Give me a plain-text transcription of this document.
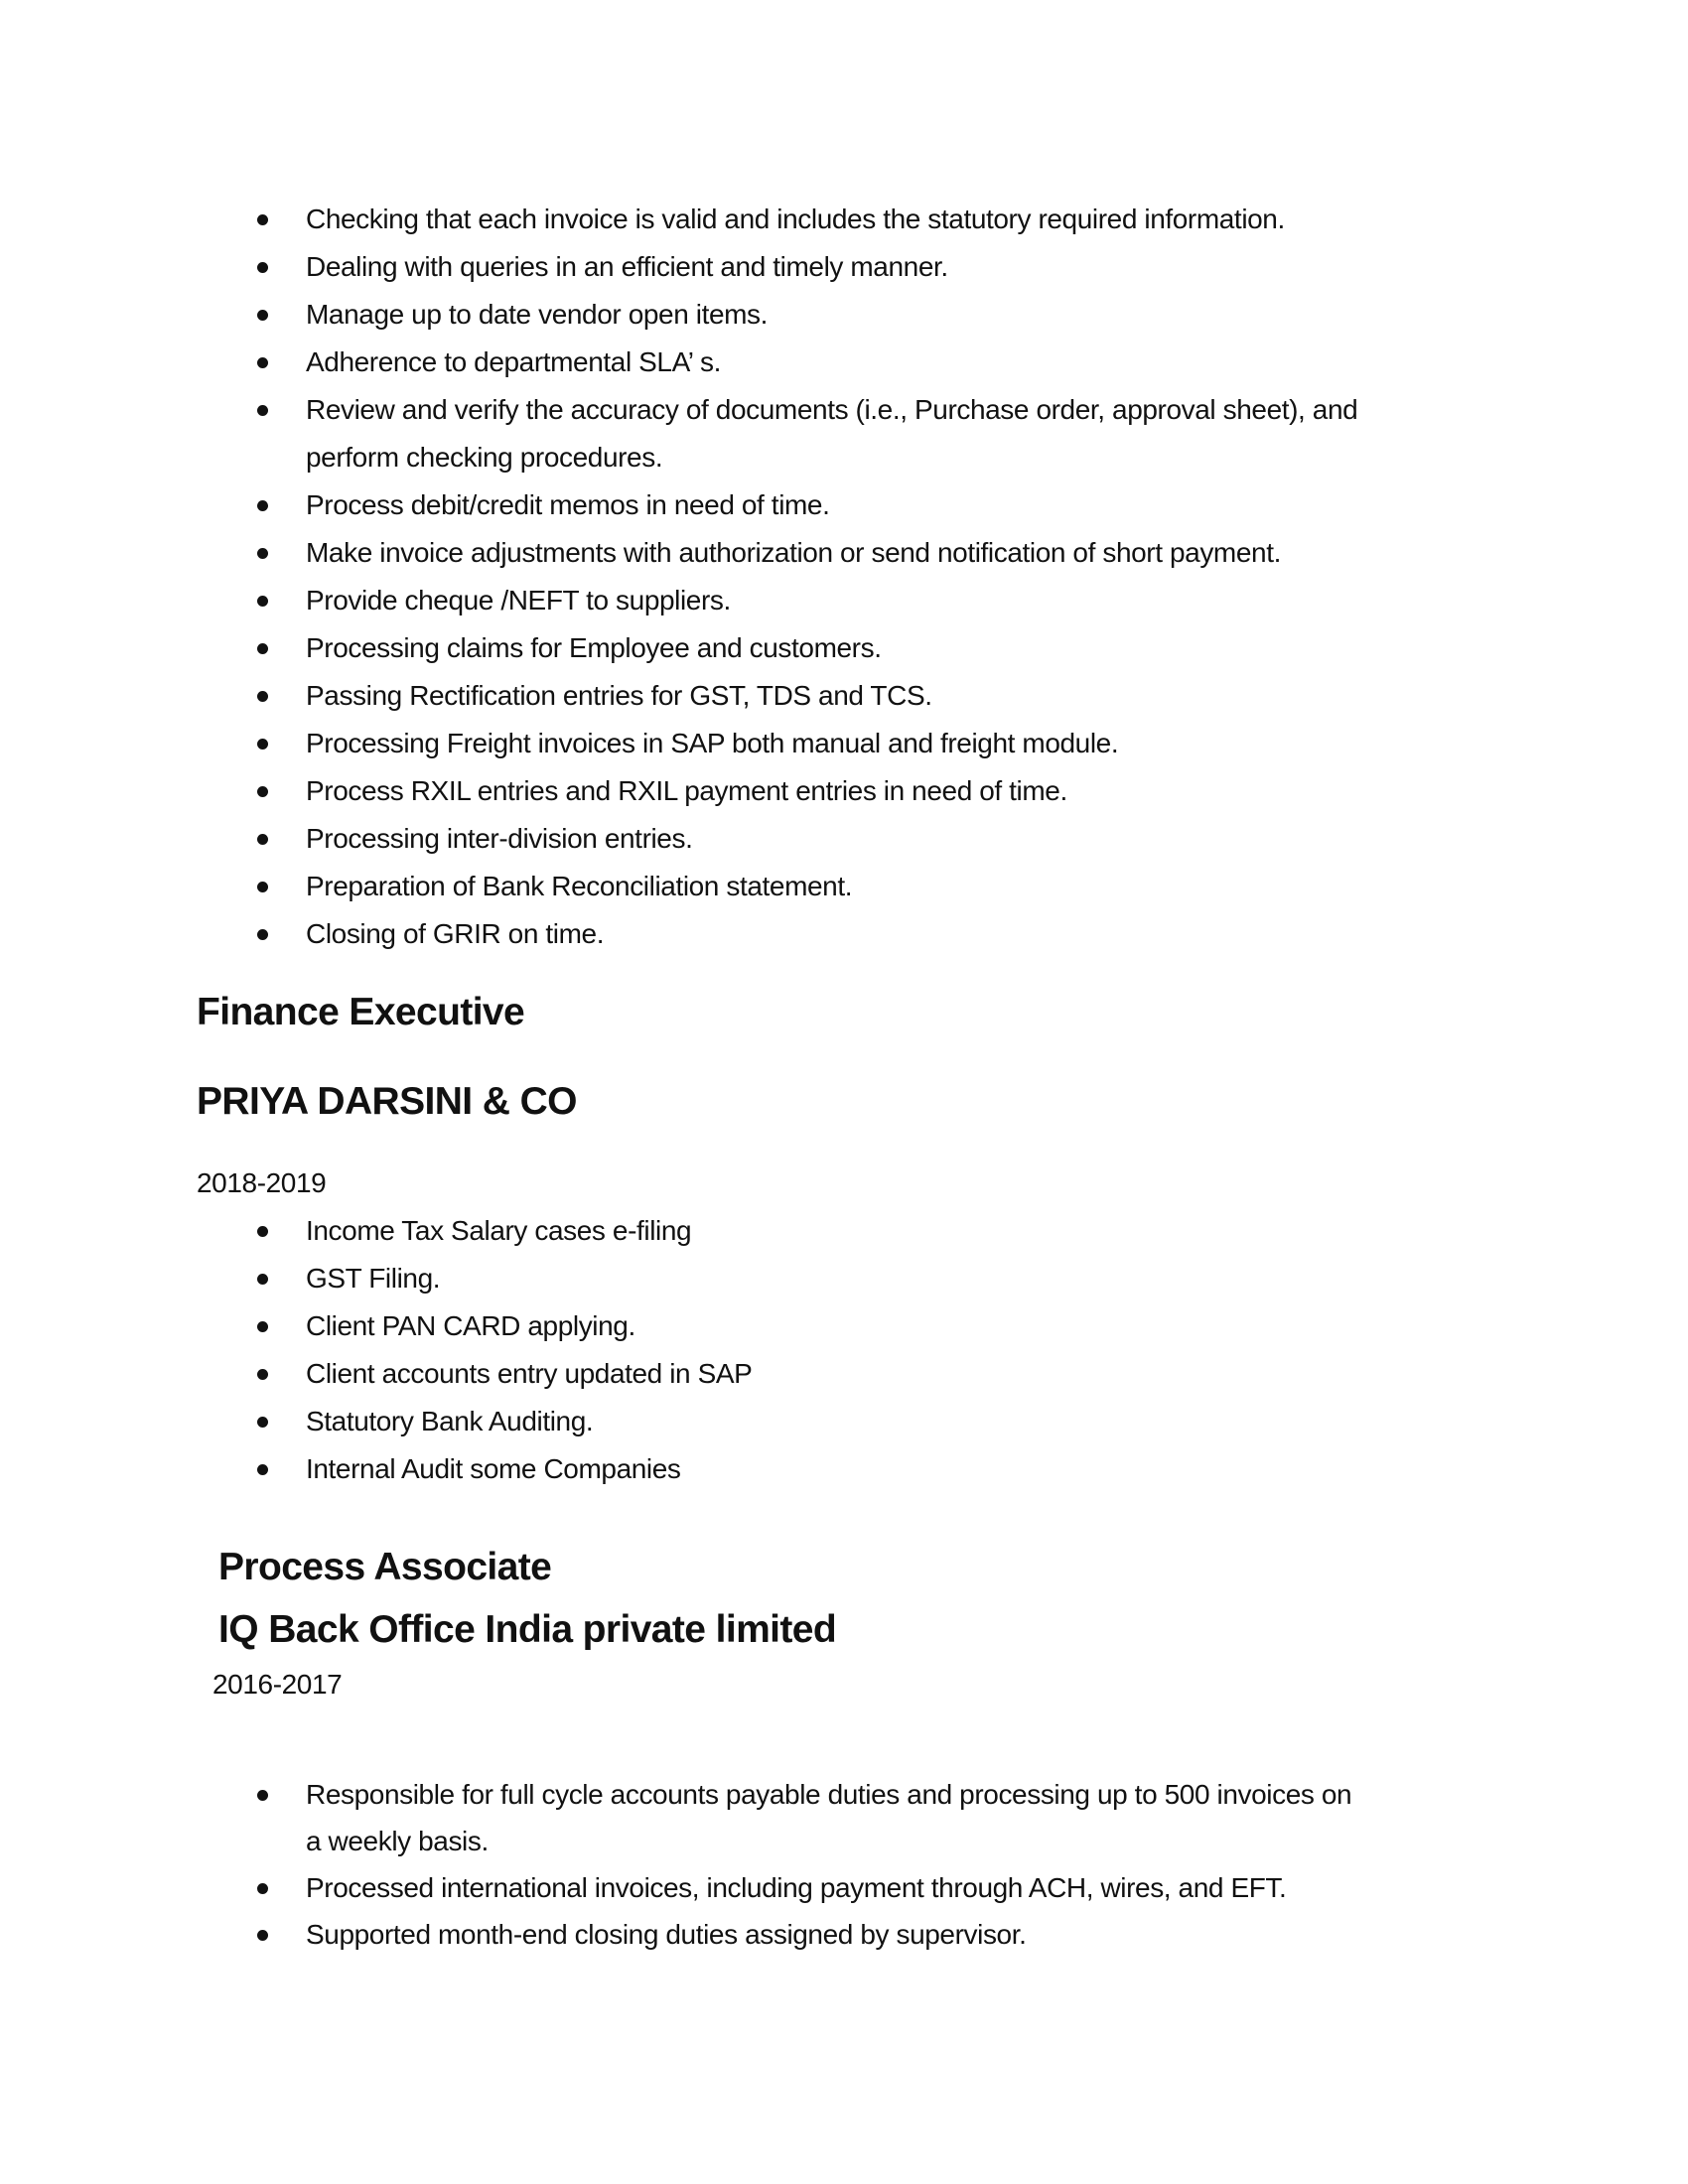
Checking that each invoice is valid and includes the statutory required information.
Dealing with queries in an efficient and timely manner.
Manage up to date vendor open items.
Adherence to departmental SLA’ s.
Review and verify the accuracy of documents (i.e., Purchase order, approval sheet), and
perform checking procedures.
Process debit/credit memos in need of time.
Make invoice adjustments with authorization or send notification of short payment.
Provide cheque /NEFT to suppliers.
Processing claims for Employee and customers.
Passing Rectification entries for GST, TDS and TCS.
Processing Freight invoices in SAP both manual and freight module.
Process RXIL entries and RXIL payment entries in need of time.
Processing inter-division entries.
Preparation of Bank Reconciliation statement.
Closing of GRIR on time.
Finance Executive
PRIYA DARSINI & CO
2018-2019
Income Tax Salary cases e-filing
GST Filing.
Client PAN CARD applying.
Client accounts entry updated in SAP
Statutory Bank Auditing.
Internal Audit some Companies
Process Associate
IQ Back Office India private limited
2016-2017
Responsible for full cycle accounts payable duties and processing up to 500 invoices on
a weekly basis.
Processed international invoices, including payment through ACH, wires, and EFT.
Supported month-end closing duties assigned by supervisor.
